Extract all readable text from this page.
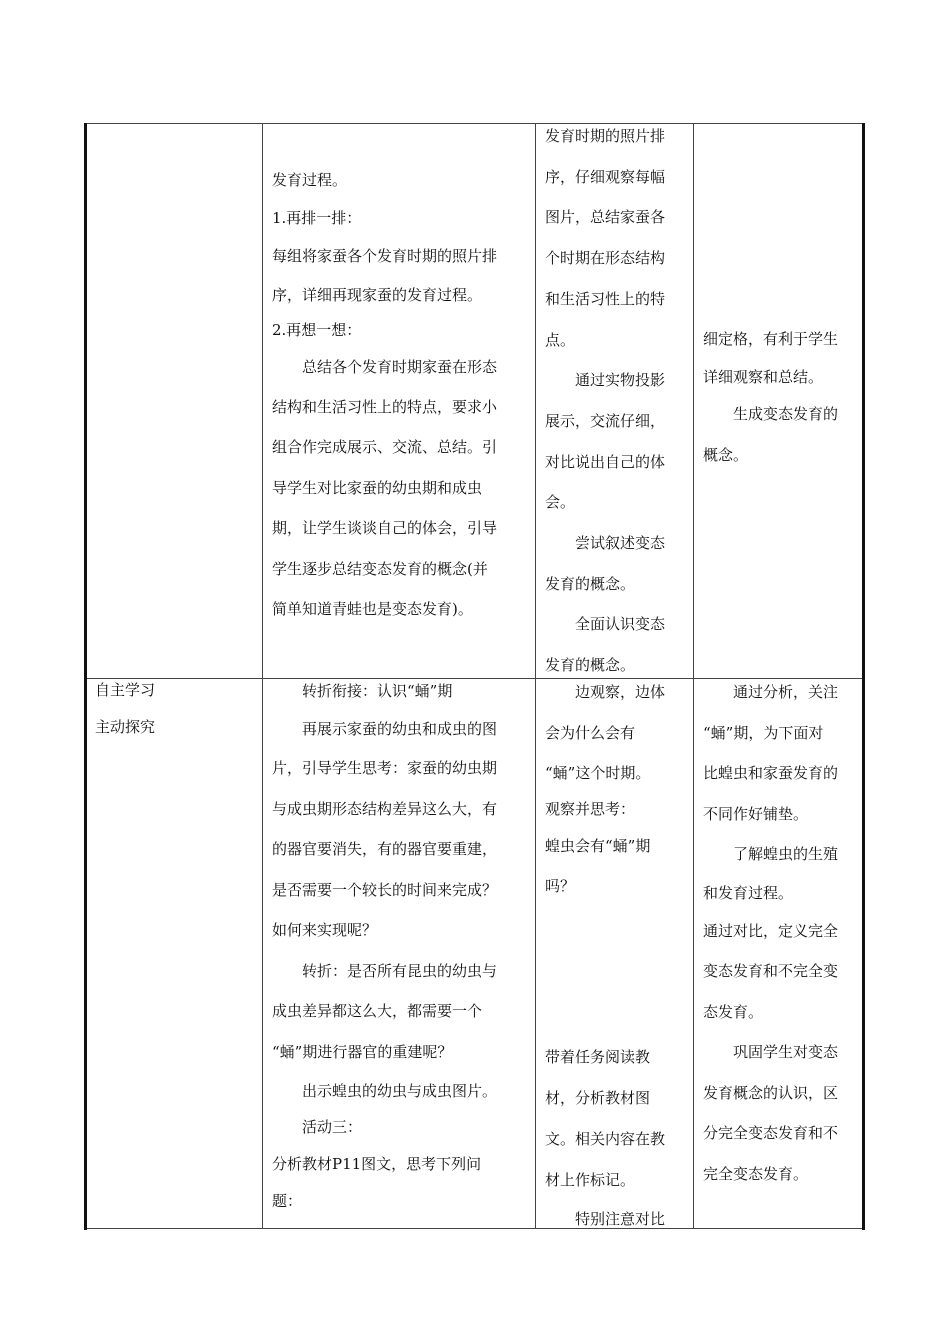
发育过程。
1.再排一排：
每组将家蚕各个发育时期的照片排
序，详细再现家蚕的发育过程。
2.再想一想：
总结各个发育时期家蚕在形态
结构和生活习性上的特点，要求小
组合作完成展示、交流、总结。引
导学生对比家蚕的幼虫期和成虫
期，让学生谈谈自己的体会，引导
学生逐步总结变态发育的概念(并
简单知道青蛙也是变态发育)。
发育时期的照片排
序，仔细观察每幅
图片，总结家蚕各
个时期在形态结构
和生活习性上的特
点。
通过实物投影
展示，交流仔细，
对比说出自己的体
会。
尝试叙述变态
发育的概念。
全面认识变态
发育的概念。
细定格，有利于学生
详细观察和总结。
生成变态发育的
概念。
自主学习
主动探究
转折衔接：认识“蛹”期
再展示家蚕的幼虫和成虫的图
片，引导学生思考：家蚕的幼虫期
与成虫期形态结构差异这么大，有
的器官要消失，有的器官要重建，
是否需要一个较长的时间来完成？
如何来实现呢？
转折：是否所有昆虫的幼虫与
成虫差异都这么大，都需要一个
“蛹”期进行器官的重建呢？
出示蝗虫的幼虫与成虫图片。
活动三：
分析教材P11图文，思考下列问
题：
边观察，边体
会为什么会有
“蛹”这个时期。
观察并思考：
蝗虫会有“蛹”期
吗？
带着任务阅读教
材，分析教材图
文。相关内容在教
材上作标记。
特别注意对比
通过分析，关注
“蛹”期，为下面对
比蝗虫和家蚕发育的
不同作好铺垫。
了解蝗虫的生殖
和发育过程。
通过对比，定义完全
变态发育和不完全变
态发育。
巩固学生对变态
发育概念的认识，区
分完全变态发育和不
完全变态发育。
